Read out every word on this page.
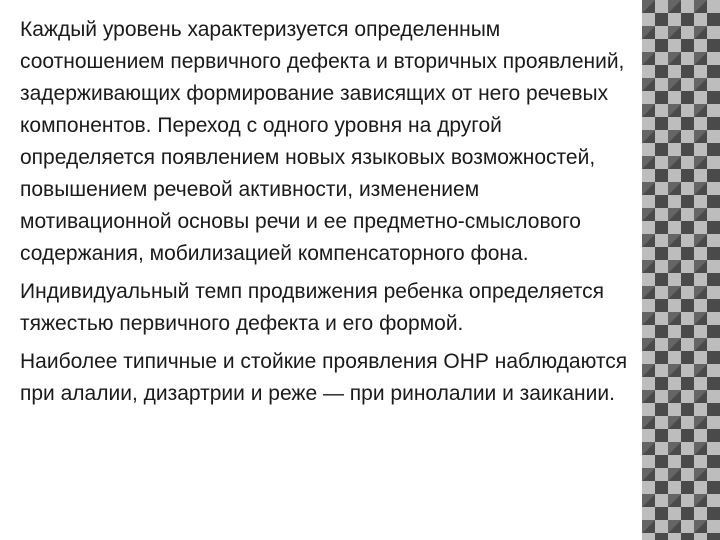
Каждый уровень характеризуется определенным соотношением первичного дефекта и вторичных проявлений, задерживающих формирование зависящих от него речевых компонентов. Переход с одного уровня на другой определяется появлением новых языковых возможностей, повышением речевой активности, изменением мотивационной основы речи и ее предметно-смыслового содержания, мобилизацией компенсаторного фона.

Индивидуальный темп продвижения ребенка определяется тяжестью первичного дефекта и его формой.

Наиболее типичные и стойкие проявления ОНР наблюдаются при алалии, дизартрии и реже — при ринолалии и заикании.
